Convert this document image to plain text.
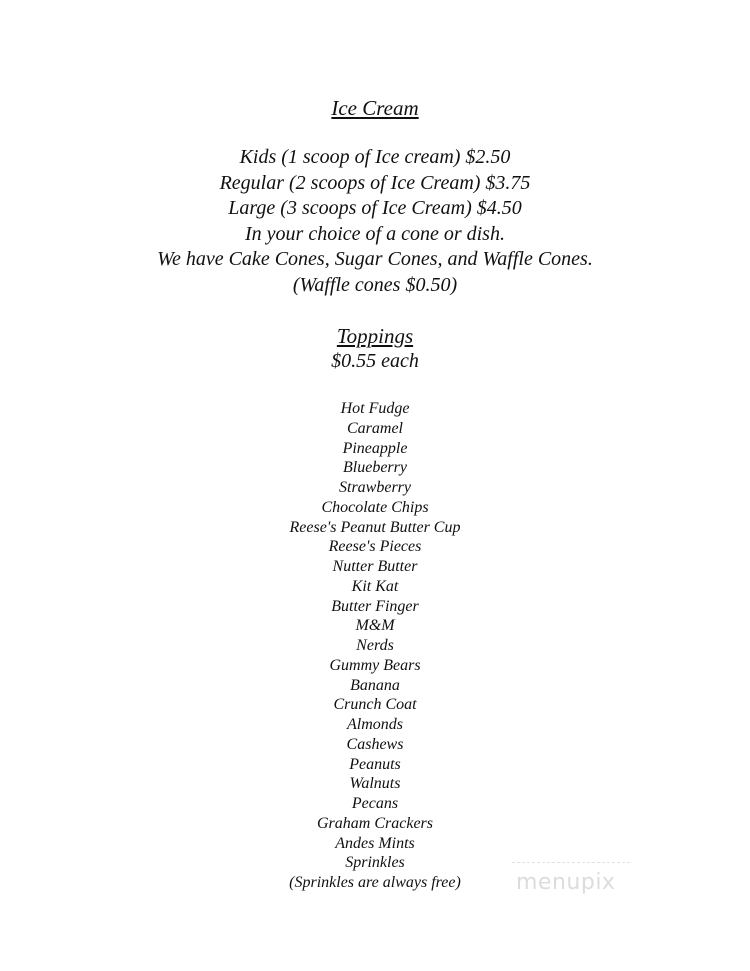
Ice Cream
Kids (1 scoop of Ice cream) $2.50
Regular (2 scoops of Ice Cream) $3.75
Large (3 scoops of Ice Cream) $4.50
In your choice of a cone or dish.
We have Cake Cones, Sugar Cones, and Waffle Cones.
(Waffle cones $0.50)
Toppings
$0.55 each
Hot Fudge
Caramel
Pineapple
Blueberry
Strawberry
Chocolate Chips
Reese's Peanut Butter Cup
Reese's Pieces
Nutter Butter
Kit Kat
Butter Finger
M&M
Nerds
Gummy Bears
Banana
Crunch Coat
Almonds
Cashews
Peanuts
Walnuts
Pecans
Graham Crackers
Andes Mints
Sprinkles
(Sprinkles are always free)	menupix
